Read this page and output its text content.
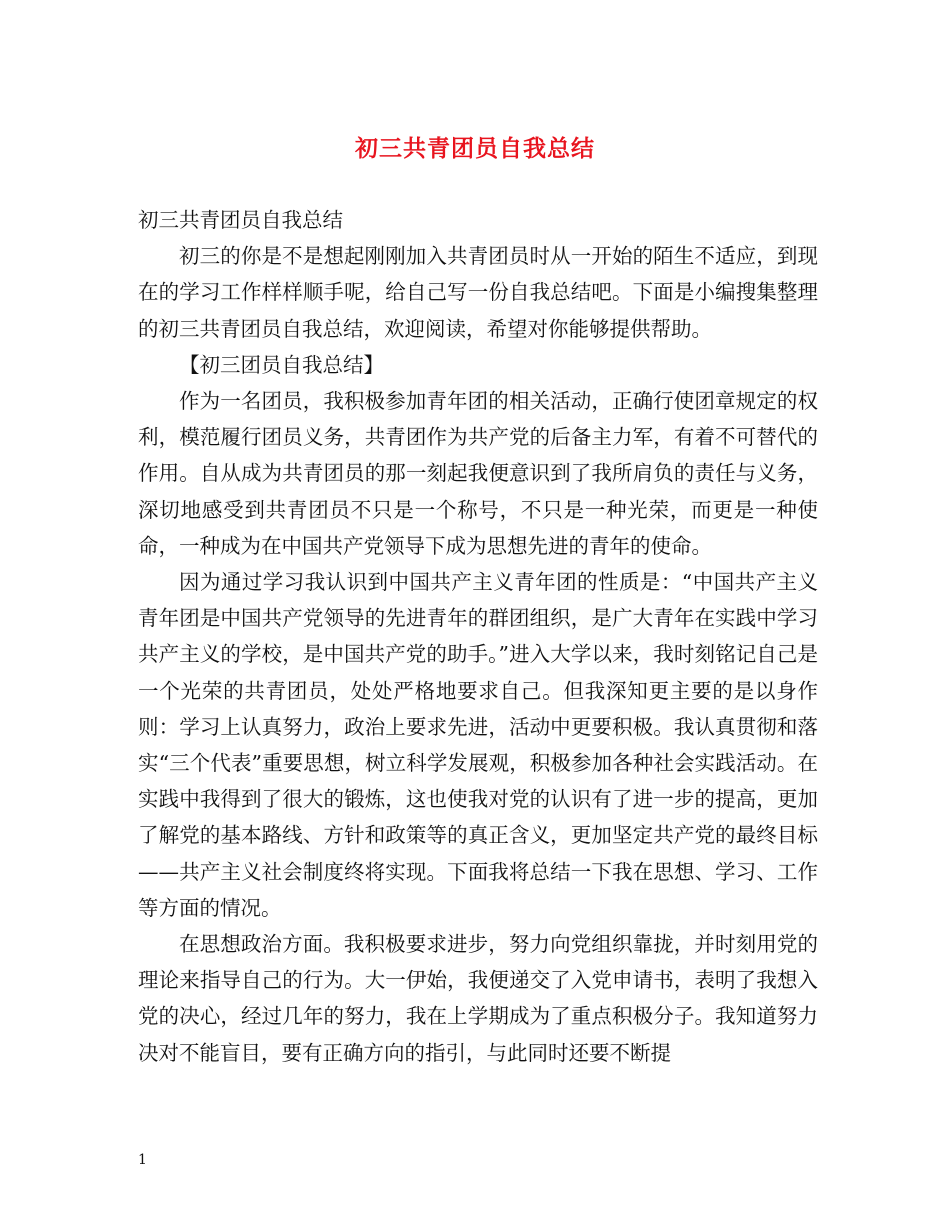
初三共青团员自我总结

初三共青团员自我总结

初三的你是不是想起刚刚加入共青团员时从一开始的陌生不适应，到现在的学习工作样样顺手呢，给自己写一份自我总结吧。下面是小编搜集整理的初三共青团员自我总结，欢迎阅读，希望对你能够提供帮助。

【初三团员自我总结】

作为一名团员，我积极参加青年团的相关活动，正确行使团章规定的权利，模范履行团员义务，共青团作为共产党的后备主力军，有着不可替代的作用。自从成为共青团员的那一刻起我便意识到了我所肩负的责任与义务，深切地感受到共青团员不只是一个称号，不只是一种光荣，而更是一种使命，一种成为在中国共产党领导下成为思想先进的青年的使命。

因为通过学习我认识到中国共产主义青年团的性质是：“中国共产主义青年团是中国共产党领导的先进青年的群团组织，是广大青年在实践中学习共产主义的学校，是中国共产党的助手。”进入大学以来，我时刻铭记自己是一个光荣的共青团员，处处严格地要求自己。但我深知更主要的是以身作则：学习上认真努力，政治上要求先进，活动中更要积极。我认真贯彻和落实“三个代表”重要思想，树立科学发展观，积极参加各种社会实践活动。在实践中我得到了很大的锻炼，这也使我对党的认识有了进一步的提高，更加了解党的基本路线、方针和政策等的真正含义，更加坚定共产党的最终目标——共产主义社会制度终将实现。下面我将总结一下我在思想、学习、工作等方面的情况。

在思想政治方面。我积极要求进步，努力向党组织靠拢，并时刻用党的理论来指导自己的行为。大一伊始，我便递交了入党申请书，表明了我想入党的决心，经过几年的努力，我在上学期成为了重点积极分子。我知道努力决对不能盲目，要有正确方向的指引，与此同时还要不断提

1
